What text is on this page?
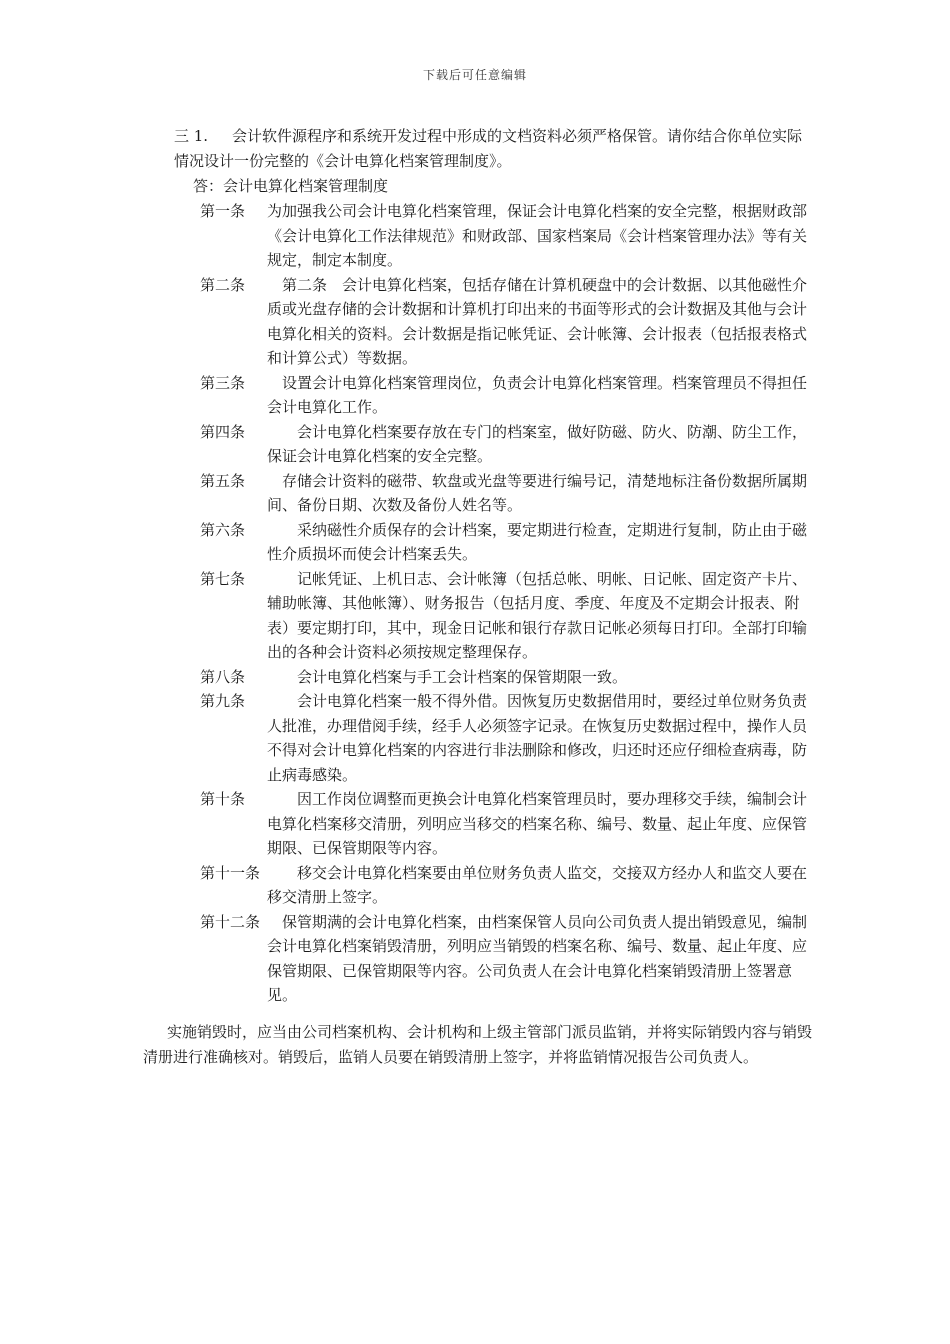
下载后可任意编辑
三 1. 会计软件源程序和系统开发过程中形成的文档资料必须严格保管。请你结合你单位实际情况设计一份完整的《会计电算化档案管理制度》。
答：会计电算化档案管理制度
第一条	为加强我公司会计电算化档案管理，保证会计电算化档案的安全完整，根据财政部《会计电算化工作法律规范》和财政部、国家档案局《会计档案管理办法》等有关规定，制定本制度。
第二条	　第二条　会计电算化档案，包括存储在计算机硬盘中的会计数据、以其他磁性介质或光盘存储的会计数据和计算机打印出来的书面等形式的会计数据及其他与会计电算化相关的资料。会计数据是指记帐凭证、会计帐簿、会计报表（包括报表格式和计算公式）等数据。
第三条	　设置会计电算化档案管理岗位，负责会计电算化档案管理。档案管理员不得担任会计电算化工作。
第四条	　　会计电算化档案要存放在专门的档案室，做好防磁、防火、防潮、防尘工作，保证会计电算化档案的安全完整。
第五条	　存储会计资料的磁带、软盘或光盘等要进行编号记，清楚地标注备份数据所属期间、备份日期、次数及备份人姓名等。
第六条	　　采纳磁性介质保存的会计档案，要定期进行检查，定期进行复制，防止由于磁性介质损坏而使会计档案丢失。
第七条	　　记帐凭证、上机日志、会计帐簿（包括总帐、明帐、日记帐、固定资产卡片、辅助帐簿、其他帐簿）、财务报告（包括月度、季度、年度及不定期会计报表、附表）要定期打印，其中，现金日记帐和银行存款日记帐必须每日打印。全部打印输出的各种会计资料必须按规定整理保存。
第八条	　　会计电算化档案与手工会计档案的保管期限一致。
第九条	　　会计电算化档案一般不得外借。因恢复历史数据借用时，要经过单位财务负责人批准，办理借阅手续，经手人必须签字记录。在恢复历史数据过程中，操作人员不得对会计电算化档案的内容进行非法删除和修改，归还时还应仔细检查病毒，防止病毒感染。
第十条	　　因工作岗位调整而更换会计电算化档案管理员时，要办理移交手续，编制会计电算化档案移交清册，列明应当移交的档案名称、编号、数量、起止年度、应保管期限、已保管期限等内容。
第十一条 　　移交会计电算化档案要由单位财务负责人监交，交接双方经办人和监交人要在移交清册上签字。
第十二条 　保管期满的会计电算化档案，由档案保管人员向公司负责人提出销毁意见，编制会计电算化档案销毁清册，列明应当销毁的档案名称、编号、数量、起止年度、应保管期限、已保管期限等内容。公司负责人在会计电算化档案销毁清册上签署意见。
实施销毁时，应当由公司档案机构、会计机构和上级主管部门派员监销，并将实际销毁内容与销毁清册进行准确核对。销毁后，监销人员要在销毁清册上签字，并将监销情况报告公司负责人。
